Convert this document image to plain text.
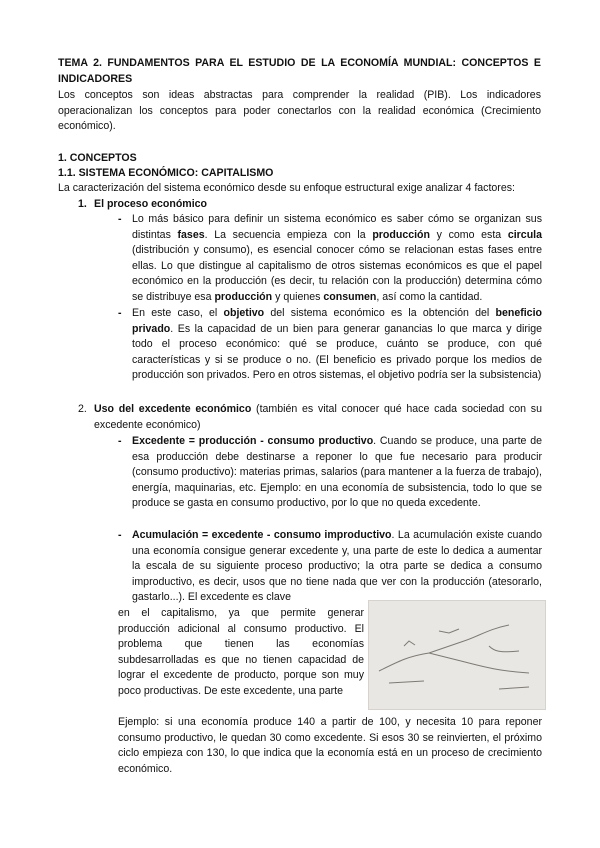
TEMA 2. FUNDAMENTOS PARA EL ESTUDIO DE LA ECONOMÍA MUNDIAL: CONCEPTOS E INDICADORES

Los conceptos son ideas abstractas para comprender la realidad (PIB). Los indicadores operacionalizan los conceptos para poder conectarlos con la realidad económica (Crecimiento económico).

1. CONCEPTOS

1.1. SISTEMA ECONÓMICO: CAPITALISMO

La caracterización del sistema económico desde su enfoque estructural exige analizar 4 factores:

1. El proceso económico

- Lo más básico para definir un sistema económico es saber cómo se organizan sus distintas fases. La secuencia empieza con la producción y como esta circula (distribución y consumo), es esencial conocer cómo se relacionan estas fases entre ellas. Lo que distingue al capitalismo de otros sistemas económicos es que el papel económico en la producción (es decir, tu relación con la producción) determina cómo se distribuye esa producción y quienes consumen, así como la cantidad.

- En este caso, el objetivo del sistema económico es la obtención del beneficio privado. Es la capacidad de un bien para generar ganancias lo que marca y dirige todo el proceso económico: qué se produce, cuánto se produce, con qué características y si se produce o no. (El beneficio es privado porque los medios de producción son privados. Pero en otros sistemas, el objetivo podría ser la subsistencia)

2. Uso del excedente económico (también es vital conocer qué hace cada sociedad con su excedente económico)

- Excedente = producción - consumo productivo. Cuando se produce, una parte de esa producción debe destinarse a reponer lo que fue necesario para producir (consumo productivo): materias primas, salarios (para mantener a la fuerza de trabajo), energía, maquinarias, etc. Ejemplo: en una economía de subsistencia, todo lo que se produce se gasta en consumo productivo, por lo que no queda excedente.

- Acumulación = excedente - consumo improductivo. La acumulación existe cuando una economía consigue generar excedente y, una parte de este lo dedica a aumentar la escala de su siguiente proceso productivo; la otra parte se dedica a consumo improductivo, es decir, usos que no tiene nada que ver con la producción (atesorarlo, gastarlo...). El excedente es clave

en el capitalismo, ya que permite generar producción adicional al consumo productivo. El problema que tienen las economías subdesarrolladas es que no tienen capacidad de lograr el excedente de producto, porque son muy poco productivas. De este excedente, una parte

Ejemplo: si una economía produce 140 a partir de 100, y necesita 10 para reponer consumo productivo, le quedan 30 como excedente. Si esos 30 se reinvierten, el próximo ciclo empieza con 130, lo que indica que la economía está en un proceso de crecimiento económico.
